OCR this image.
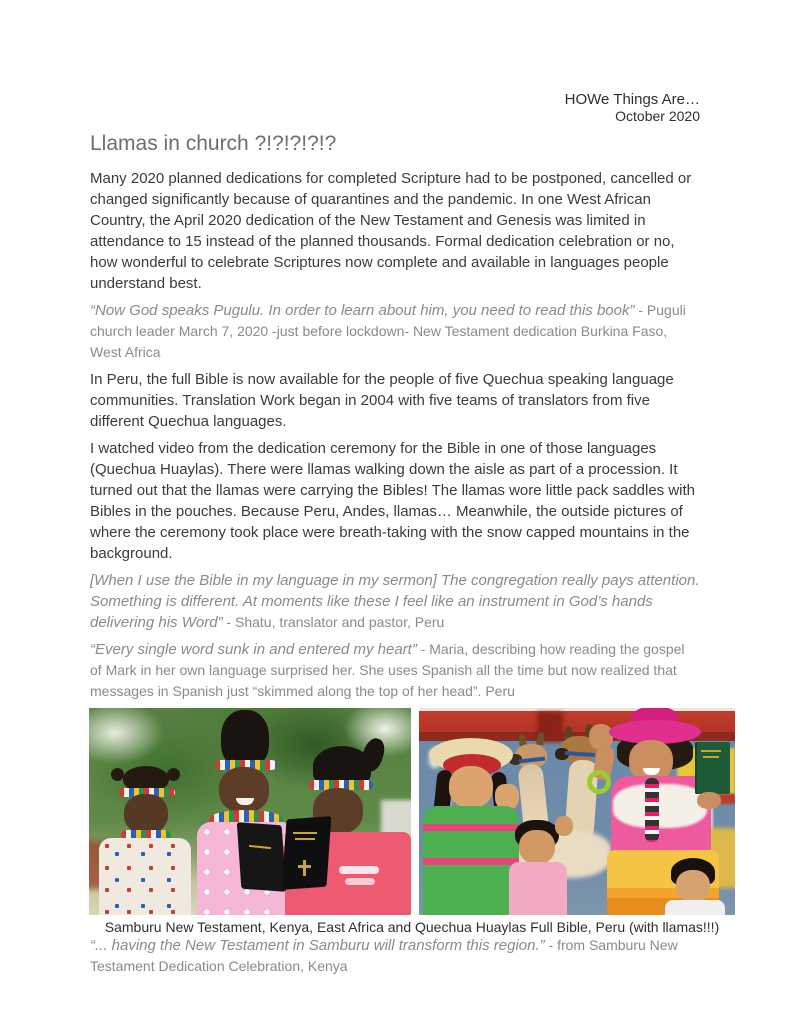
HOWe Things Are…
October 2020
Llamas in church ?!?!?!?!?

Many 2020 planned dedications for completed Scripture had to be postponed, cancelled or changed significantly because of quarantines and the pandemic. In one West African Country, the April 2020 dedication of the New Testament and Genesis was limited in attendance to 15 instead of the planned thousands. Formal dedication celebration or no, how wonderful to celebrate Scriptures now complete and available in languages people understand best.

“Now God speaks Pugulu. In order to learn about him, you need to read this book” - Puguli church leader March 7, 2020 -just before lockdown- New Testament dedication Burkina Faso, West Africa

In Peru, the full Bible is now available for the people of five Quechua speaking language communities. Translation Work began in 2004 with five teams of translators from five different Quechua languages.

I watched video from the dedication ceremony for the Bible in one of those languages (Quechua Huaylas). There were llamas walking down the aisle as part of a procession. It turned out that the llamas were carrying the Bibles! The llamas wore little pack saddles with Bibles in the pouches. Because Peru, Andes, llamas… Meanwhile, the outside pictures of where the ceremony took place were breath-taking with the snow capped mountains in the background.

[When I use the Bible in my language in my sermon] The congregation really pays attention. Something is different. At moments like these I feel like an instrument in God’s hands delivering his Word” - Shatu, translator and pastor, Peru

“Every single word sunk in and entered my heart” - Maria, describing how reading the gospel of Mark in her own language surprised her. She uses Spanish all the time but now realized that messages in Spanish just “skimmed along the top of her head”. Peru

Samburu New Testament, Kenya, East Africa and Quechua Huaylas Full Bible, Peru (with llamas!!!)

“... having the New Testament in Samburu will transform this region.” - from Samburu New Testament Dedication Celebration, Kenya
